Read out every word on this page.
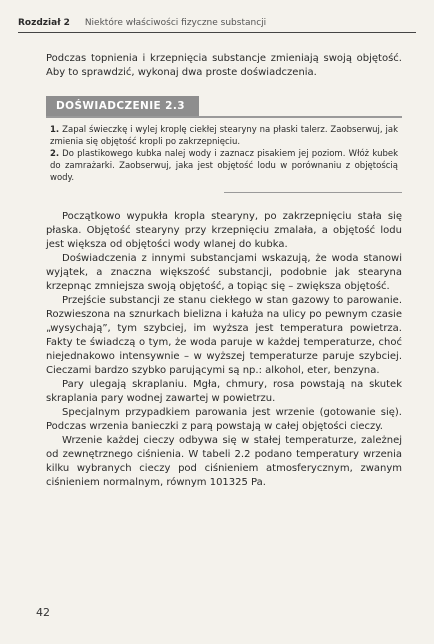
Rozdział 2 Niektóre właściwości fizyczne substancji
Podczas topnienia i krzepnięcia substancje zmieniają swoją objętość. Aby to sprawdzić, wykonaj dwa proste doświadczenia.
DOŚWIADCZENIE 2.3

1. Zapal świeczkę i wylej kroplę ciekłej stearyny na płaski talerz. Zaobserwuj, jak zmienia się objętość kropli po zakrzepnięciu.

2. Do plastikowego kubka nalej wody i zaznacz pisakiem jej poziom. Włóż kubek do zamrażarki. Zaobserwuj, jaka jest objętość lodu w porównaniu z objętością wody.

Początkowo wypukła kropla stearyny, po zakrzepnięciu stała się płaska. Objętość stearyny przy krzepnięciu zmalała, a objętość lodu jest większa od objętości wody wlanej do kubka.

Doświadczenia z innymi substancjami wskazują, że woda stanowi wyjątek, a znaczna większość substancji, podobnie jak stearyna krzepnąc zmniejsza swoją objętość, a topiąc się – zwiększa objętość.

Przejście substancji ze stanu ciekłego w stan gazowy to parowanie. Rozwieszona na sznurkach bielizna i kałuża na ulicy po pewnym czasie „wysychają”, tym szybciej, im wyższa jest temperatura powietrza. Fakty te świadczą o tym, że woda paruje w każdej temperaturze, choć niejednakowo intensywnie – w wyższej temperaturze paruje szybciej. Cieczami bardzo szybko parującymi są np.: alkohol, eter, benzyna.

Pary ulegają skraplaniu. Mgła, chmury, rosa powstają na skutek skraplania pary wodnej zawartej w powietrzu.

Specjalnym przypadkiem parowania jest wrzenie (gotowanie się). Podczas wrzenia banieczki z parą powstają w całej objętości cieczy.

Wrzenie każdej cieczy odbywa się w stałej temperaturze, zależnej od zewnętrznego ciśnienia. W tabeli 2.2 podano temperatury wrzenia kilku wybranych cieczy pod ciśnieniem atmosferycznym, zwanym ciśnieniem normalnym, równym 101325 Pa.

42
